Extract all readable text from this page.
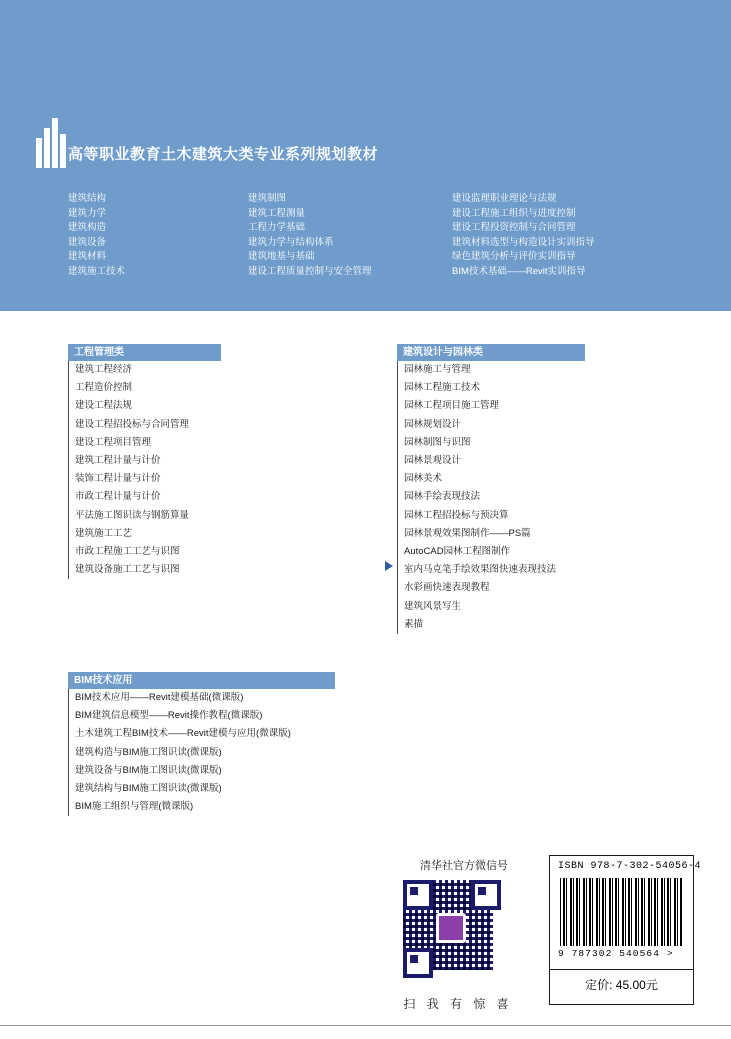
高等职业教育土木建筑大类专业系列规划教材
建筑结构
建筑力学
建筑构造
建筑设备
建筑材料
建筑施工技术
建筑制图
建筑工程测量
工程力学基础
建筑力学与结构体系
建筑地基与基础
建设工程质量控制与安全管理
建设监理职业理论与法规
建设工程施工组织与进度控制
建设工程投资控制与合同管理
建筑材料选型与构造设计实训指导
绿色建筑分析与评价实训指导
BIM技术基础——Revit实训指导
工程管理类
建筑工程经济
工程造价控制
建设工程法规
建设工程招投标与合同管理
建设工程项目管理
建筑工程计量与计价
装饰工程计量与计价
市政工程计量与计价
平法施工图识读与钢筋算量
建筑施工工艺
市政工程施工工艺与识图
建筑设备施工工艺与识图
建筑设计与园林类
园林施工与管理
园林工程施工技术
园林工程项目施工管理
园林规划设计
园林制图与识图
园林景观设计
园林美术
园林手绘表现技法
园林工程招投标与预决算
园林景观效果图制作——PS篇
AutoCAD园林工程图制作
室内马克笔手绘效果图快速表现技法
水彩画快速表现教程
建筑风景写生
素描
BIM技术应用
BIM技术应用——Revit建模基础(微课版)
BIM建筑信息模型——Revit操作教程(微课版)
土木建筑工程BIM技术——Revit建模与应用(微课版)
建筑构造与BIM施工图识读(微课版)
建筑设备与BIM施工图识读(微课版)
建筑结构与BIM施工图识读(微课版)
BIM施工组织与管理(微课版)
清华社官方微信号
扫 我 有 惊 喜
ISBN 978-7-302-54056-4
9 787302 540564 >
定价: 45.00元
